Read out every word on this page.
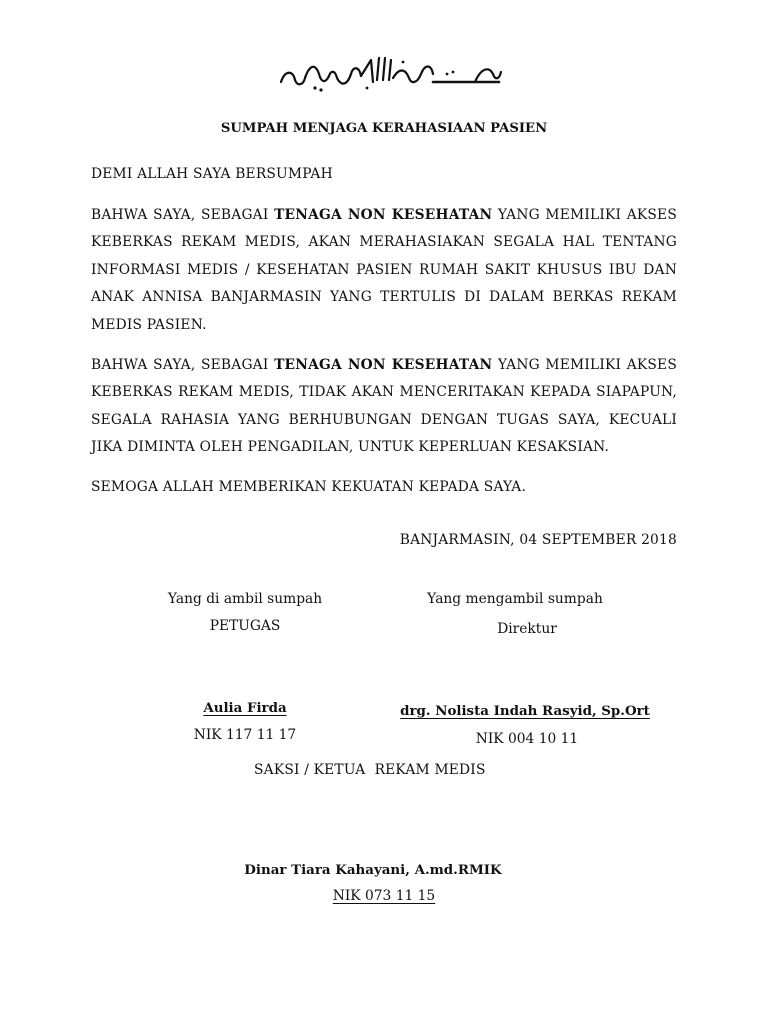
SUMPAH MENJAGA KERAHASIAAN PASIEN
DEMI ALLAH SAYA BERSUMPAH
BAHWA SAYA, SEBAGAI TENAGA NON KESEHATAN YANG MEMILIKI AKSES KEBERKAS REKAM MEDIS, AKAN MERAHASIAKAN SEGALA HAL TENTANG INFORMASI MEDIS / KESEHATAN PASIEN RUMAH SAKIT KHUSUS IBU DAN ANAK ANNISA BANJARMASIN YANG TERTULIS DI DALAM BERKAS REKAM MEDIS PASIEN.
BAHWA SAYA, SEBAGAI TENAGA NON KESEHATAN YANG MEMILIKI AKSES KEBERKAS REKAM MEDIS, TIDAK AKAN MENCERITAKAN KEPADA SIAPAPUN, SEGALA RAHASIA YANG BERHUBUNGAN DENGAN TUGAS SAYA, KECUALI JIKA DIMINTA OLEH PENGADILAN, UNTUK KEPERLUAN KESAKSIAN.
SEMOGA ALLAH MEMBERIKAN KEKUATAN KEPADA SAYA.
BANJARMASIN, 04 SEPTEMBER 2018
Yang di ambil sumpah
PETUGAS
Aulia Firda
NIK 117 11 17
Yang mengambil sumpah
Direktur
drg. Nolista Indah Rasyid, Sp.Ort
NIK 004 10 11
SAKSI / KETUA  REKAM MEDIS
Dinar Tiara Kahayani, A.md.RMIK
NIK 073 11 15
